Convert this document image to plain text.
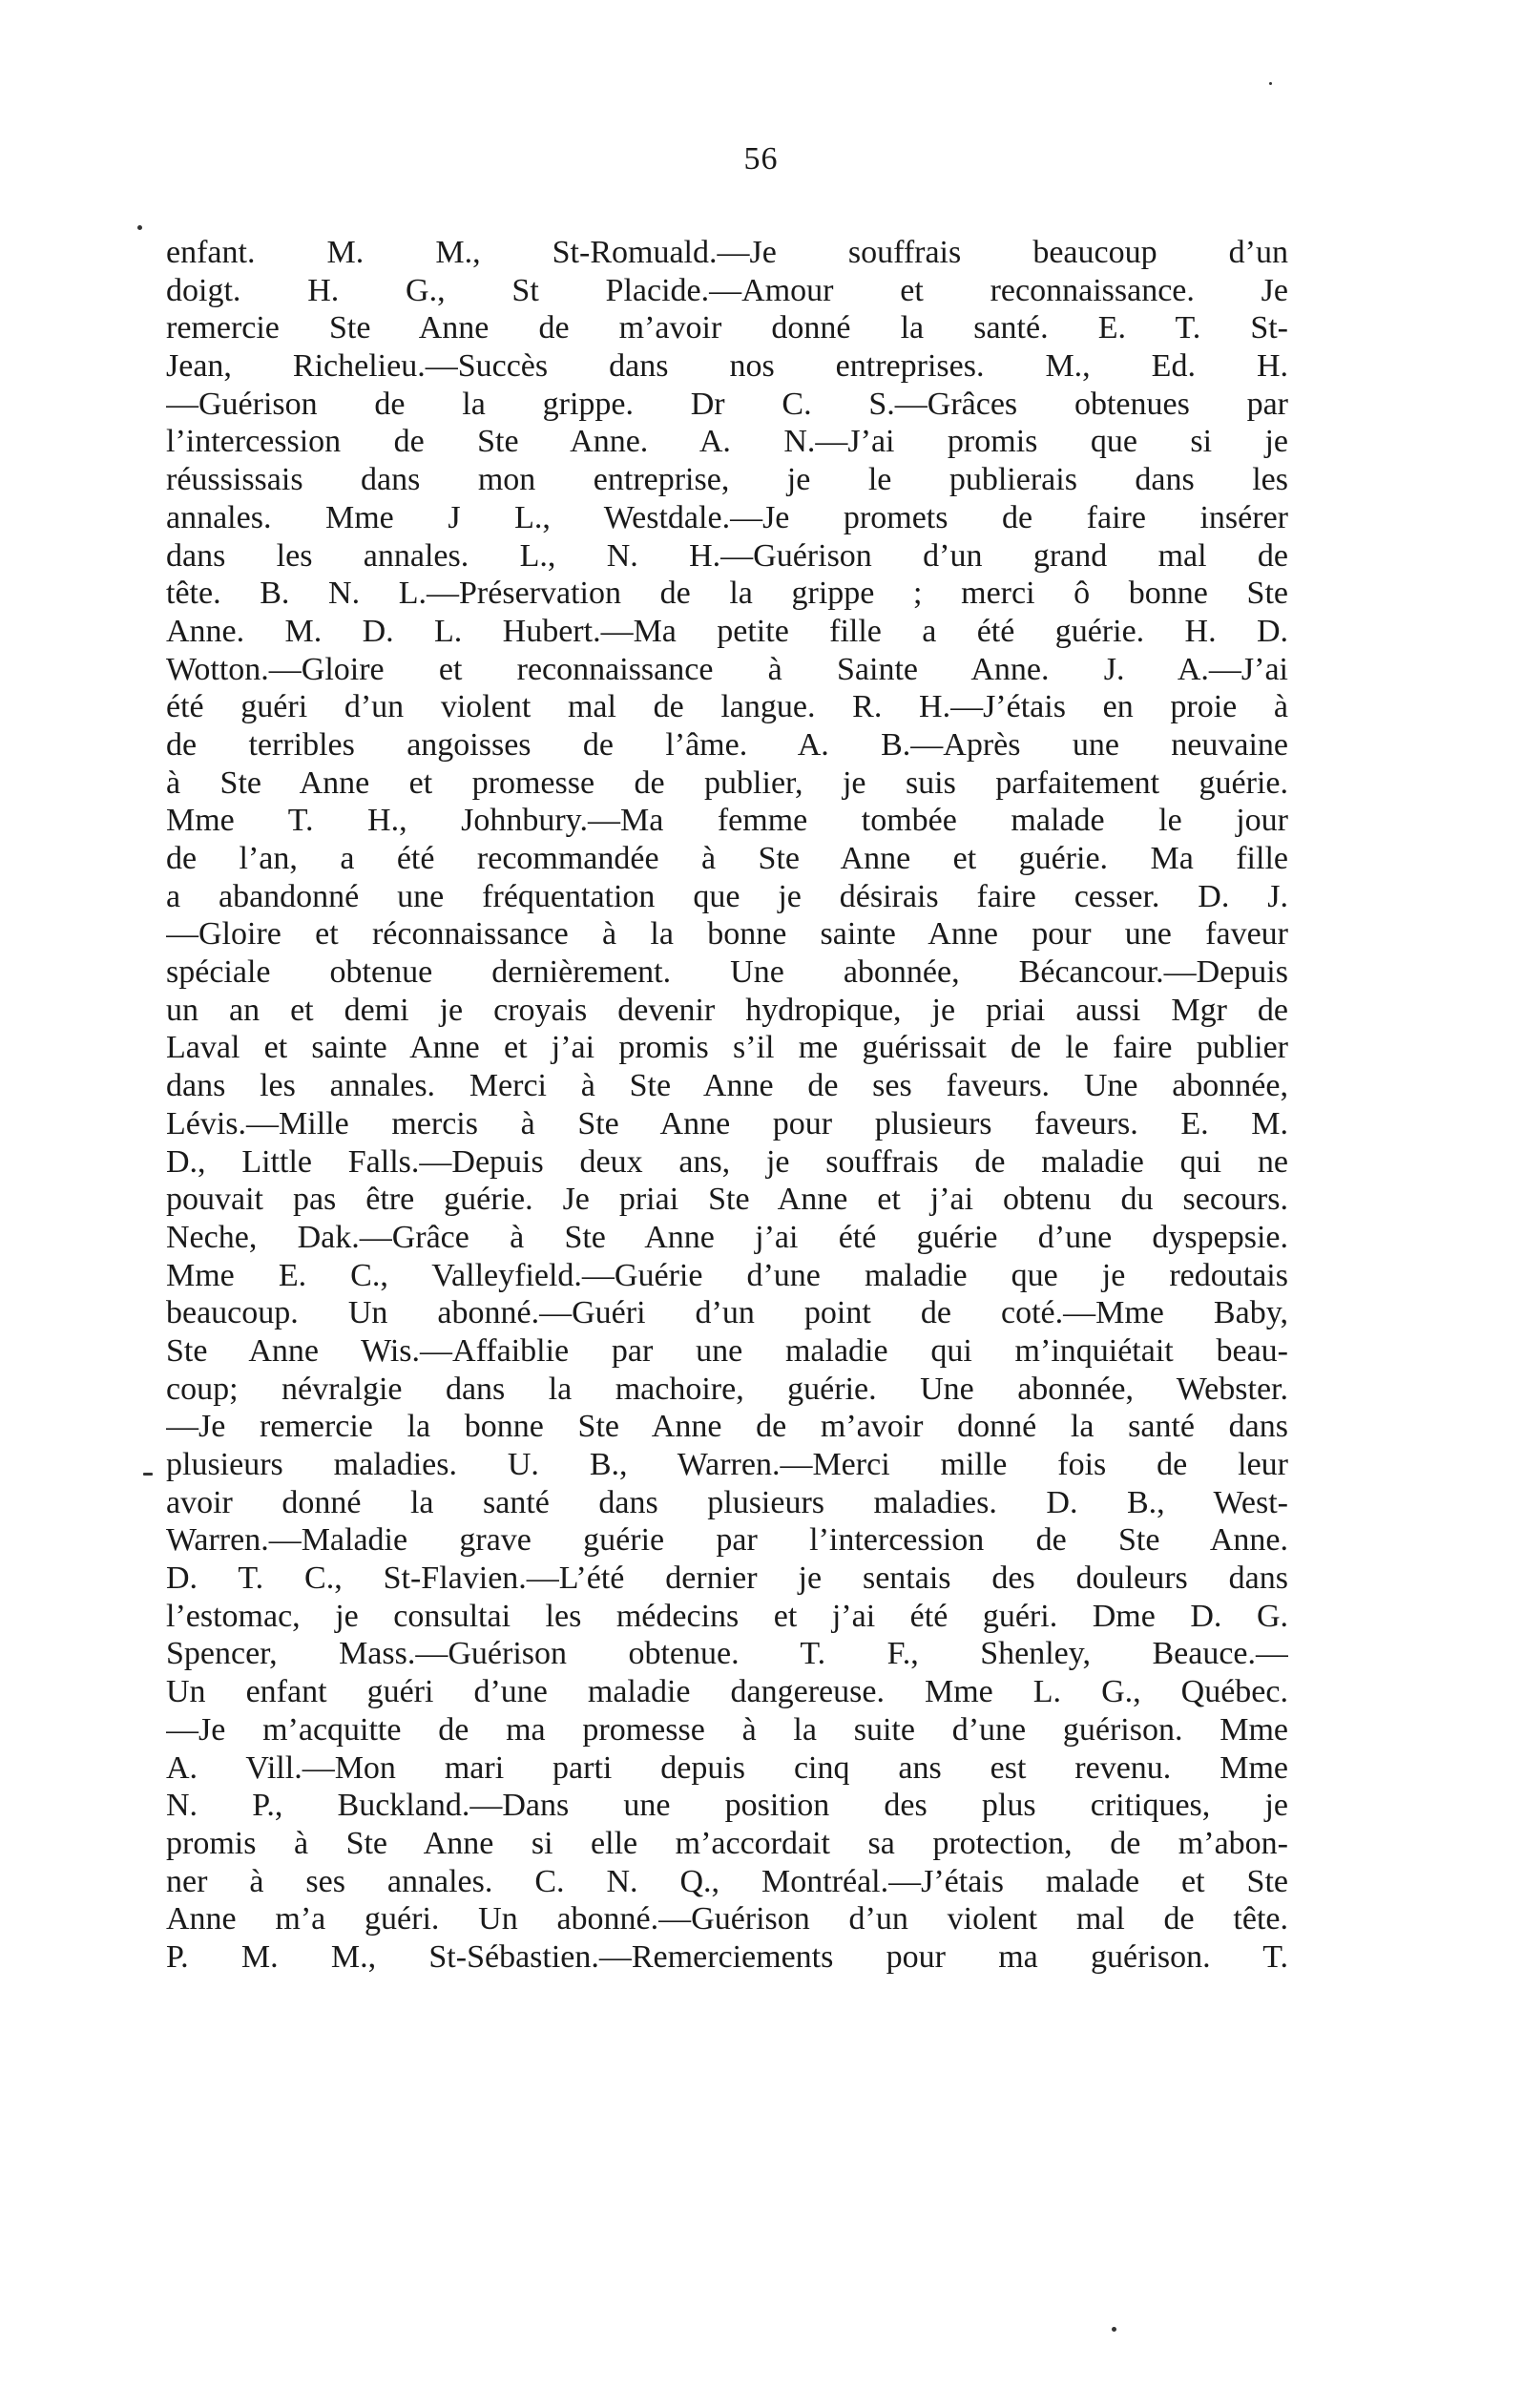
56
enfant. M. M., St-Romuald.—Je souffrais beaucoup d’un
doigt. H. G., St Placide.—Amour et reconnaissance. Je
remercie Ste Anne de m’avoir donné la santé. E. T. St-
Jean, Richelieu.—Succès dans nos entreprises. M., Ed. H.
—Guérison de la grippe. Dr C. S.—Grâces obtenues par
l’intercession de Ste Anne. A. N.—J’ai promis que si je
réussissais dans mon entreprise, je le publierais dans les
annales. Mme J L., Westdale.—Je promets de faire insérer
dans les annales. L., N. H.—Guérison d’un grand mal de
tête. B. N. L.—Préservation de la grippe ; merci ô bonne Ste
Anne. M. D. L. Hubert.—Ma petite fille a été guérie. H. D.
Wotton.—Gloire et reconnaissance à Sainte Anne. J. A.—J’ai
été guéri d’un violent mal de langue. R. H.—J’étais en proie à
de terribles angoisses de l’âme. A. B.—Après une neuvaine
à Ste Anne et promesse de publier, je suis parfaitement guérie.
Mme T. H., Johnbury.—Ma femme tombée malade le jour
de l’an, a été recommandée à Ste Anne et guérie. Ma fille
a abandonné une fréquentation que je désirais faire cesser. D. J.
—Gloire et réconnaissance à la bonne sainte Anne pour une faveur
spéciale obtenue dernièrement. Une abonnée, Bécancour.—Depuis
un an et demi je croyais devenir hydropique, je priai aussi Mgr de
Laval et sainte Anne et j’ai promis s’il me guérissait de le faire publier
dans les annales. Merci à Ste Anne de ses faveurs. Une abonnée,
Lévis.—Mille mercis à Ste Anne pour plusieurs faveurs. E. M.
D., Little Falls.—Depuis deux ans, je souffrais de maladie qui ne
pouvait pas être guérie. Je priai Ste Anne et j’ai obtenu du secours.
Neche, Dak.—Grâce à Ste Anne j’ai été guérie d’une dyspepsie.
Mme E. C., Valleyfield.—Guérie d’une maladie que je redoutais
beaucoup. Un abonné.—Guéri d’un point de coté.—Mme Baby,
Ste Anne Wis.—Affaiblie par une maladie qui m’inquiétait beau-
coup; névralgie dans la machoire, guérie. Une abonnée, Webster.
—Je remercie la bonne Ste Anne de m’avoir donné la santé dans
plusieurs maladies. U. B., Warren.—Merci mille fois de leur
avoir donné la santé dans plusieurs maladies. D. B., West-
Warren.—Maladie grave guérie par l’intercession de Ste Anne.
D. T. C., St-Flavien.—L’été dernier je sentais des douleurs dans
l’estomac, je consultai les médecins et j’ai été guéri. Dme D. G.
Spencer, Mass.—Guérison obtenue. T. F., Shenley, Beauce.—
Un enfant guéri d’une maladie dangereuse. Mme L. G., Québec.
—Je m’acquitte de ma promesse à la suite d’une guérison. Mme
A. Vill.—Mon mari parti depuis cinq ans est revenu. Mme
N. P., Buckland.—Dans une position des plus critiques, je
promis à Ste Anne si elle m’accordait sa protection, de m’abon-
ner à ses annales. C. N. Q., Montréal.—J’étais malade et Ste
Anne m’a guéri. Un abonné.—Guérison d’un violent mal de tête.
P. M. M., St-Sébastien.—Remerciements pour ma guérison. T.
